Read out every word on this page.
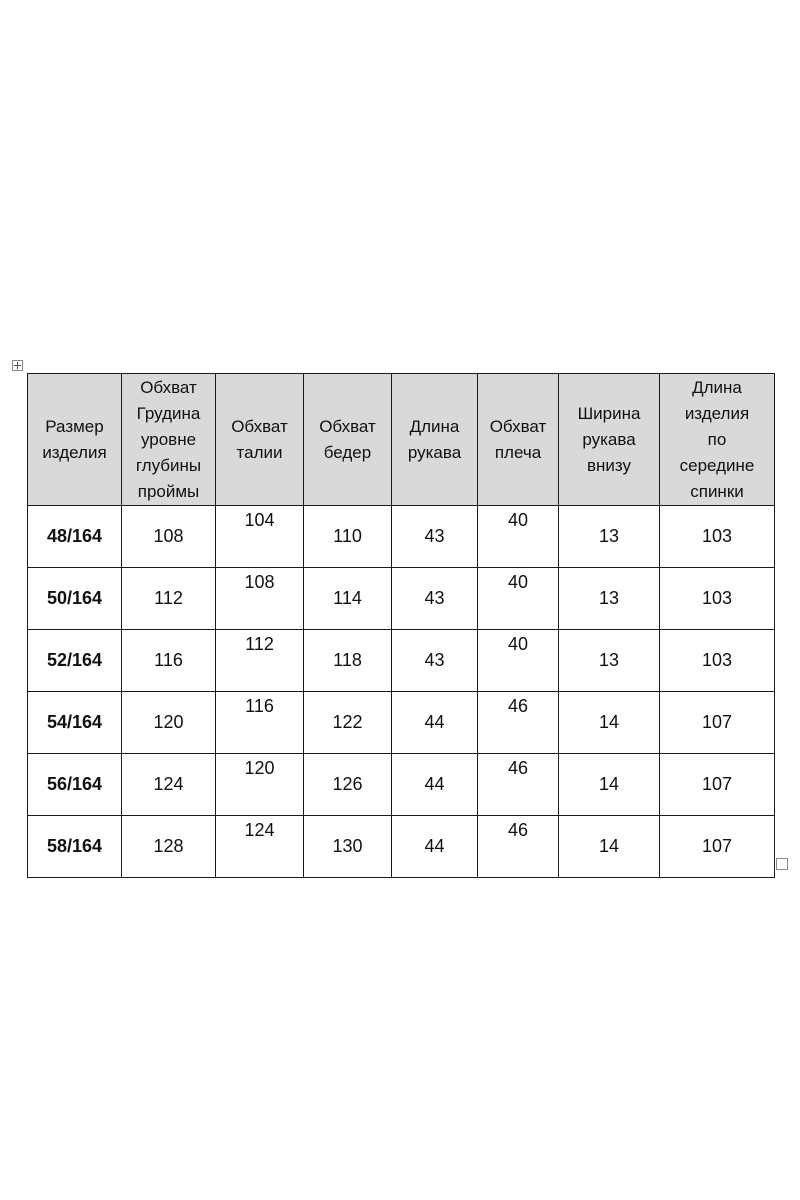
Размер
изделия	Обхват
Грудина
уровне
глубины
проймы	Обхват
талии	Обхват
бедер	Длина
рукава	Обхват
плеча	Ширина
рукава
внизу	Длина
изделия
по
середине
спинки
48/164	108	104	110	43	40	13	103
50/164	112	108	114	43	40	13	103
52/164	116	112	118	43	40	13	103
54/164	120	116	122	44	46	14	107
56/164	124	120	126	44	46	14	107
58/164	128	124	130	44	46	14	107
